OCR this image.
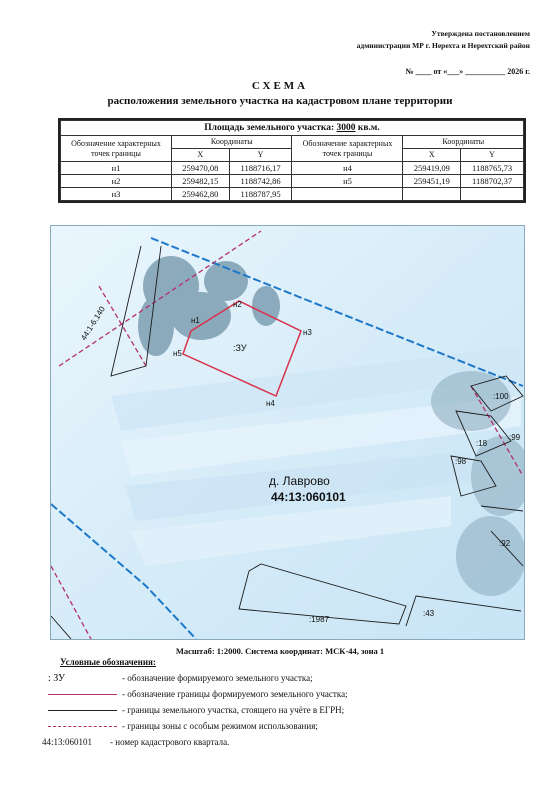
Утверждена постановлением
администрации МР г. Нерехта и Нерехтский район
№ ____ от «___» __________ 2026 г.
СХЕМА
расположения земельного участка на кадастровом плане территории
Площадь земельного участка: 3000 кв.м.					
Обозначение характерных точек границы	Координаты		Обозначение характерных точек границы	Координаты	
	X	Y		X	Y
н1	259470,08	1188716,17	н4	259419,09	1188765,73
н2	259482,15	1188742,86	н5	259451,19	1188702,37
н3	259462,80	1188787,95			
н1
н2
н3
н4
н5
:ЗУ
44:1-6.140
:100
:99
:18
:98
:92
:43
:1987
д. Лаврово
44:13:060101
Масштаб: 1:2000. Система координат: МСК-44, зона 1
Условные обозначения:
: ЗУ	- обозначение формируемого земельного участка;
- обозначение границы формируемого земельного участка;
- границы земельного участка, стоящего на учёте в ЕГРН;
- границы зоны с особым режимом использования;
44:13:060101 - номер кадастрового квартала.
